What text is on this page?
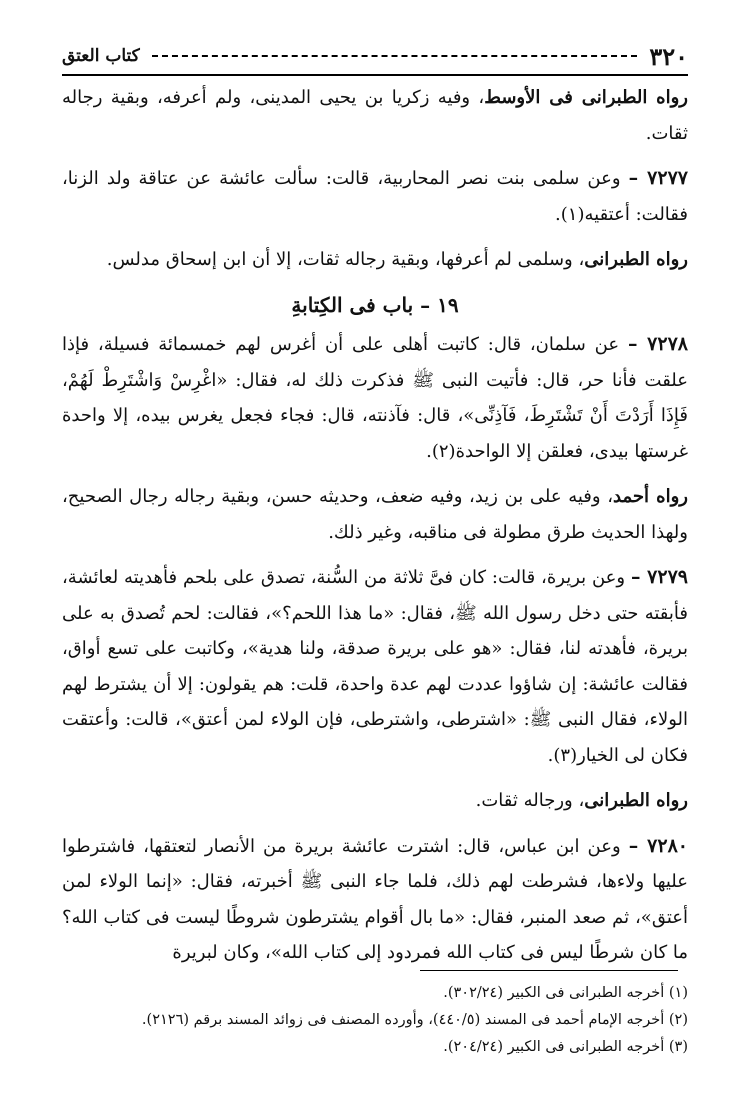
٣٢٠
كتاب العتق

رواه الطبرانى فى الأوسط، وفيه زكريا بن يحيى المدينى، ولم أعرفه، وبقية رجاله ثقات.

٧٢٧٧ – وعن سلمى بنت نصر المحاربية، قالت: سألت عائشة عن عتاقة ولد الزنا، فقالت: أعتقيه(١).

رواه الطبرانى، وسلمى لم أعرفها، وبقية رجاله ثقات، إلا أن ابن إسحاق مدلس.

١٩ – باب فى الكِتابةِ

٧٢٧٨ – عن سلمان، قال: كاتبت أهلى على أن أغرس لهم خمسمائة فسيلة، فإذا علقت فأنا حر، قال: فأتيت النبى ﷺ فذكرت ذلك له، فقال: «اغْرِسْ وَاشْتَرِطْ لَهُمْ، فَإِذَا أَرَدْتَ أَنْ تَشْتَرِطَ، فَآذِنِّى»، قال: فآذنته، قال: فجاء فجعل يغرس بيده، إلا واحدة غرستها بيدى، فعلقن إلا الواحدة(٢).

رواه أحمد، وفيه على بن زيد، وفيه ضعف، وحديثه حسن، وبقية رجاله رجال الصحيح، ولهذا الحديث طرق مطولة فى مناقبه، وغير ذلك.

٧٢٧٩ – وعن بريرة، قالت: كان فىَّ ثلاثة من السُّنة، تصدق على بلحم فأهديته لعائشة، فأبقته حتى دخل رسول الله ﷺ، فقال: «ما هذا اللحم؟»، فقالت: لحم تُصدق به على بريرة، فأهدته لنا، فقال: «هو على بريرة صدقة، ولنا هدية»، وكاتبت على تسع أواق، فقالت عائشة: إن شاؤوا عددت لهم عدة واحدة، قلت: هم يقولون: إلا أن يشترط لهم الولاء، فقال النبى ﷺ: «اشترطى، واشترطى، فإن الولاء لمن أعتق»، قالت: وأعتقت فكان لى الخيار(٣).

رواه الطبرانى، ورجاله ثقات.

٧٢٨٠ – وعن ابن عباس، قال: اشترت عائشة بريرة من الأنصار لتعتقها، فاشترطوا عليها ولاءها، فشرطت لهم ذلك، فلما جاء النبى ﷺ أخبرته، فقال: «إنما الولاء لمن أعتق»، ثم صعد المنبر، فقال: «ما بال أقوام يشترطون شروطًا ليست فى كتاب الله؟ ما كان شرطًا ليس فى كتاب الله فمردود إلى كتاب الله»، وكان لبريرة

(١) أخرجه الطبرانى فى الكبير (٣٠٢/٢٤).
(٢) أخرجه الإمام أحمد فى المسند (٤٤٠/٥)، وأورده المصنف فى زوائد المسند برقم (٢١٢٦).
(٣) أخرجه الطبرانى فى الكبير (٢٠٤/٢٤).
